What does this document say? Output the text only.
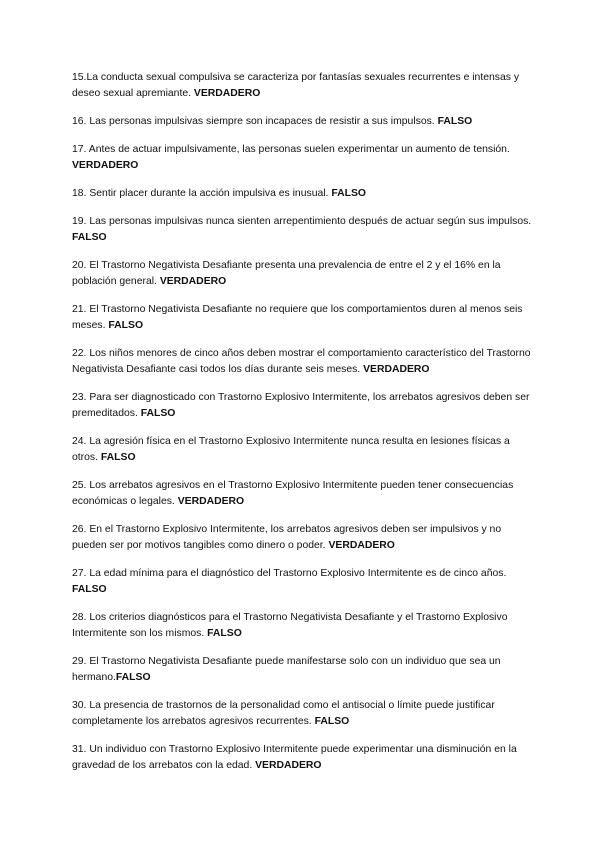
15.La conducta sexual compulsiva se caracteriza por fantasías sexuales recurrentes e intensas y deseo sexual apremiante. VERDADERO
16. Las personas impulsivas siempre son incapaces de resistir a sus impulsos. FALSO
17. Antes de actuar impulsivamente, las personas suelen experimentar un aumento de tensión. VERDADERO
18. Sentir placer durante la acción impulsiva es inusual. FALSO
19. Las personas impulsivas nunca sienten arrepentimiento después de actuar según sus impulsos. FALSO
20. El Trastorno Negativista Desafiante presenta una prevalencia de entre el 2 y el 16% en la población general. VERDADERO
21. El Trastorno Negativista Desafiante no requiere que los comportamientos duren al menos seis meses. FALSO
22. Los niños menores de cinco años deben mostrar el comportamiento característico del Trastorno Negativista Desafiante casi todos los días durante seis meses. VERDADERO
23. Para ser diagnosticado con Trastorno Explosivo Intermitente, los arrebatos agresivos deben ser premeditados. FALSO
24. La agresión física en el Trastorno Explosivo Intermitente nunca resulta en lesiones físicas a otros. FALSO
25. Los arrebatos agresivos en el Trastorno Explosivo Intermitente pueden tener consecuencias económicas o legales. VERDADERO
26. En el Trastorno Explosivo Intermitente, los arrebatos agresivos deben ser impulsivos y no pueden ser por motivos tangibles como dinero o poder. VERDADERO
27. La edad mínima para el diagnóstico del Trastorno Explosivo Intermitente es de cinco años. FALSO
28. Los criterios diagnósticos para el Trastorno Negativista Desafiante y el Trastorno Explosivo Intermitente son los mismos. FALSO
29. El Trastorno Negativista Desafiante puede manifestarse solo con un individuo que sea un hermano.FALSO
30. La presencia de trastornos de la personalidad como el antisocial o límite puede justificar completamente los arrebatos agresivos recurrentes. FALSO
31. Un individuo con Trastorno Explosivo Intermitente puede experimentar una disminución en la gravedad de los arrebatos con la edad. VERDADERO
